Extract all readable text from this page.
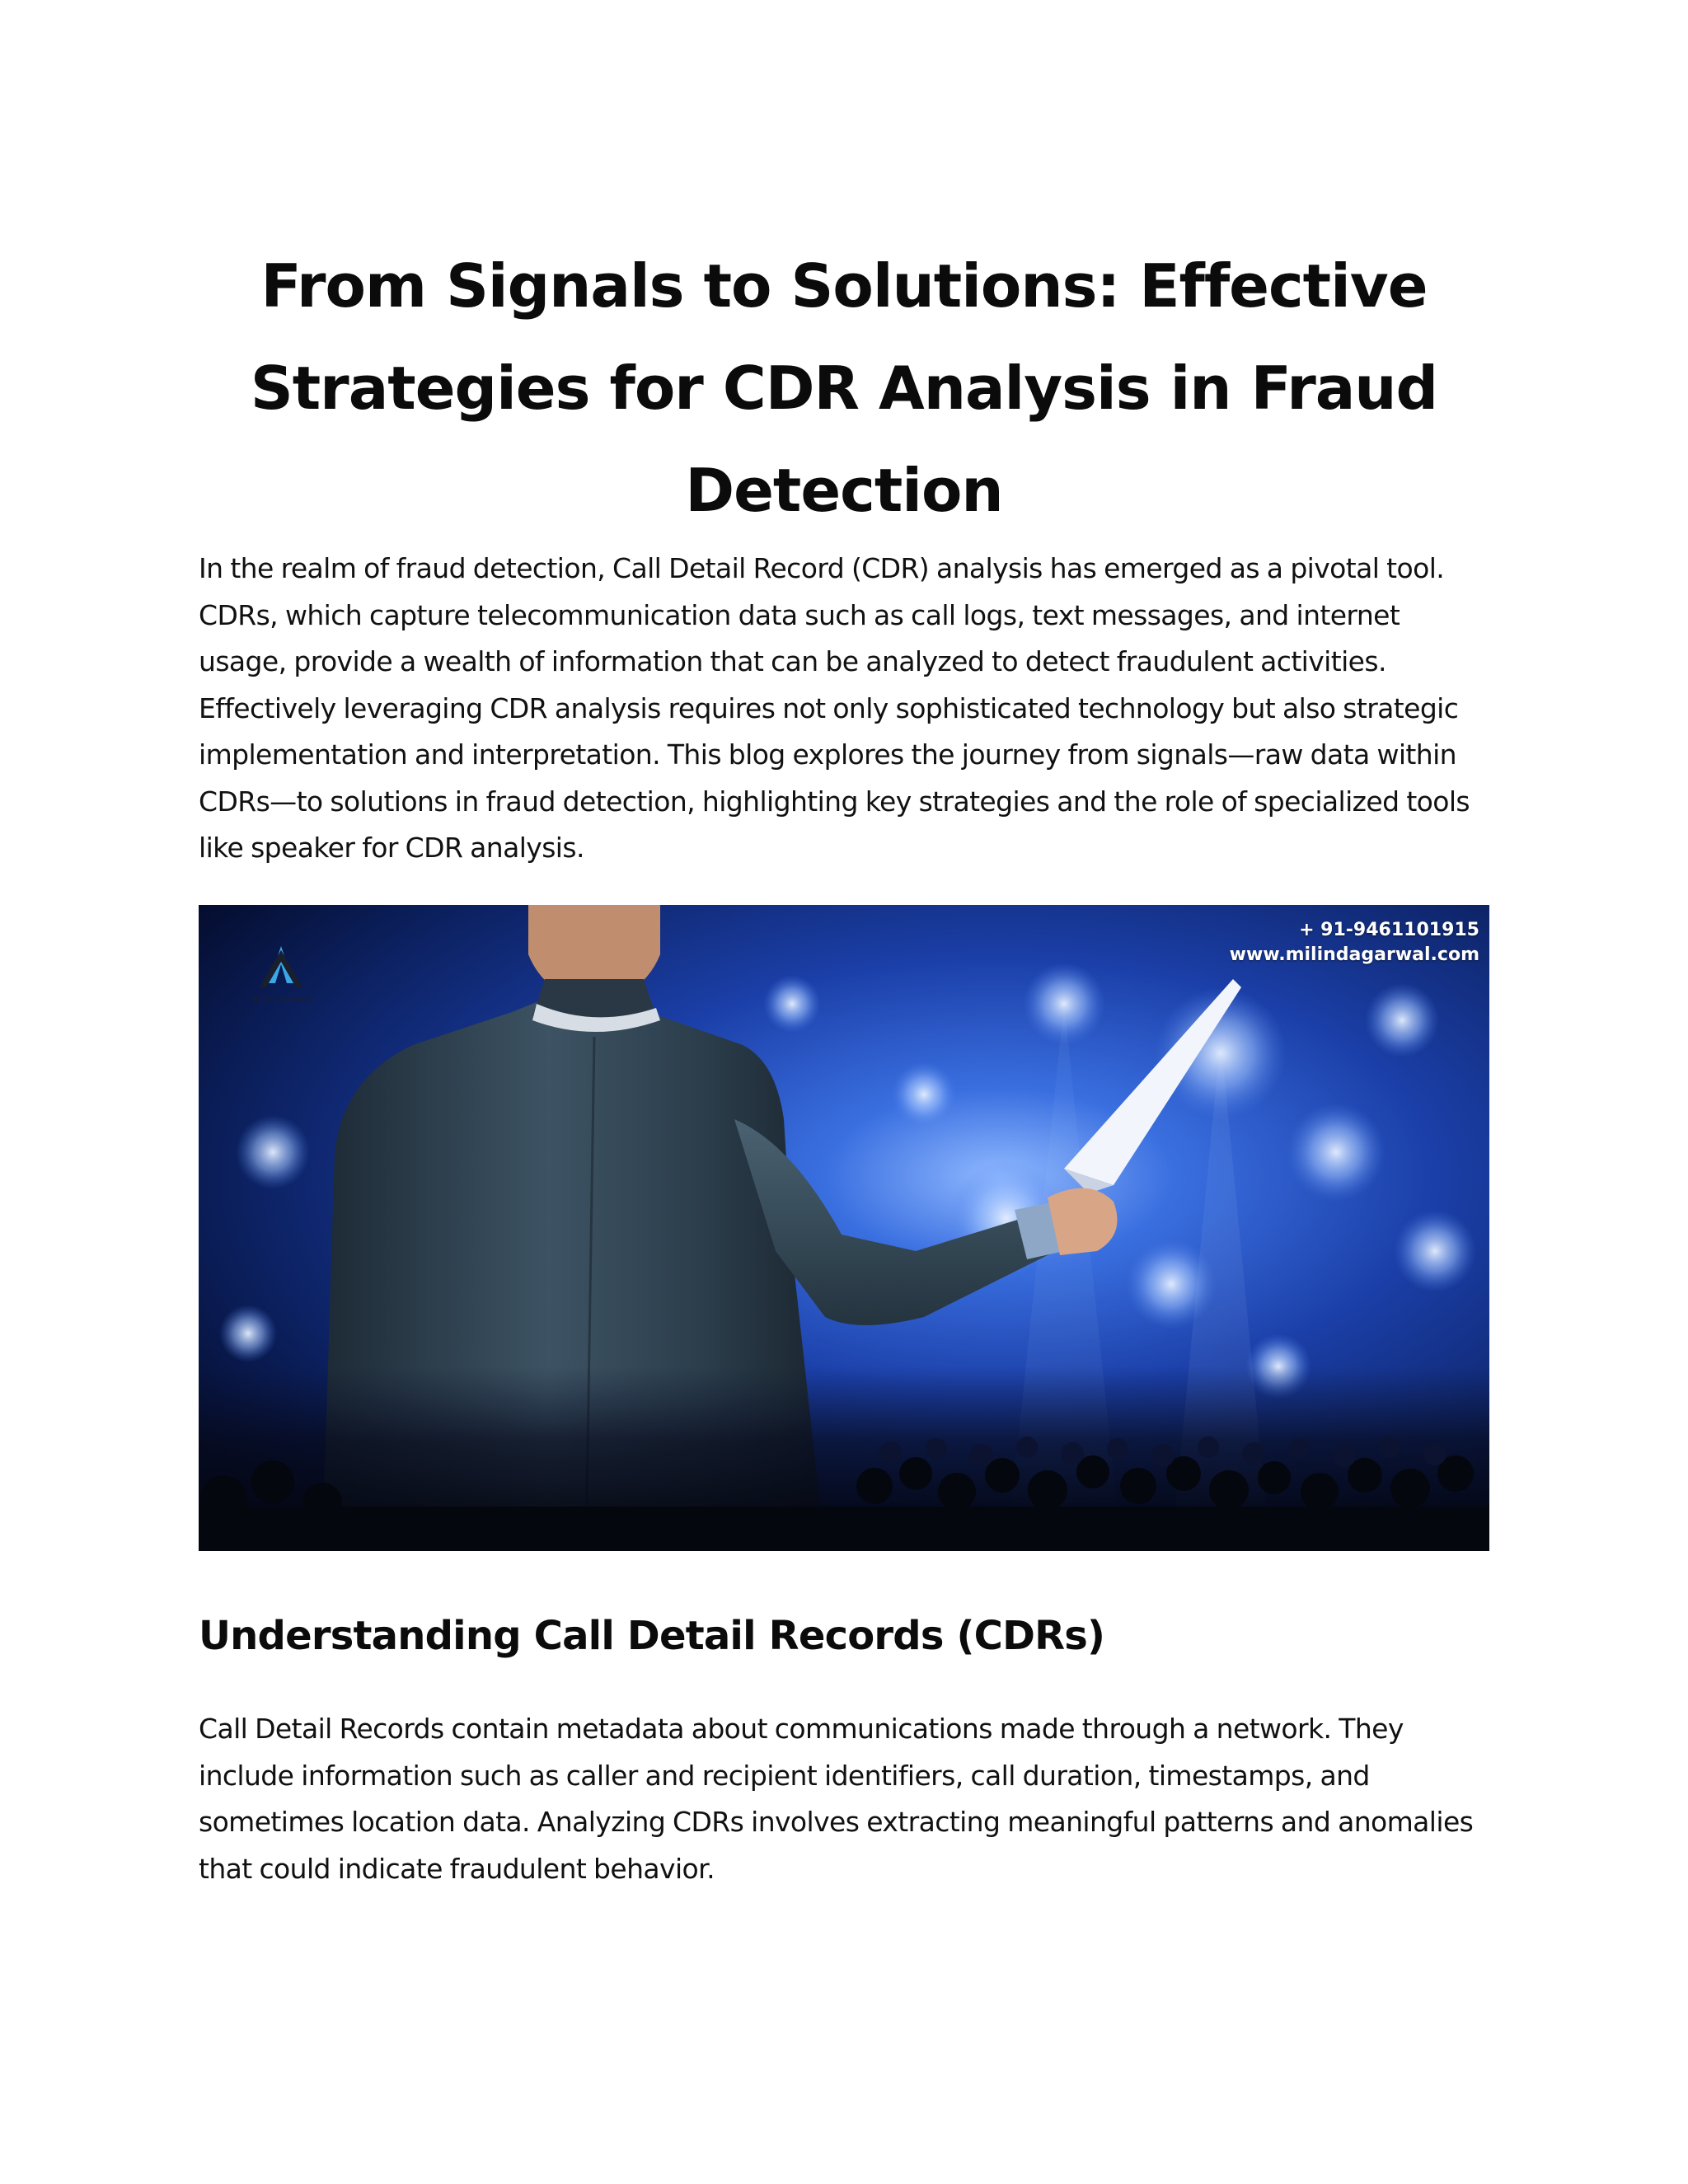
From Signals to Solutions: Effective Strategies for CDR Analysis in Fraud Detection

In the realm of fraud detection, Call Detail Record (CDR) analysis has emerged as a pivotal tool. CDRs, which capture telecommunication data such as call logs, text messages, and internet usage, provide a wealth of information that can be analyzed to detect fraudulent activities. Effectively leveraging CDR analysis requires not only sophisticated technology but also strategic implementation and interpretation. This blog explores the journey from signals—raw data within CDRs—to solutions in fraud detection, highlighting key strategies and the role of specialized tools like speaker for CDR analysis.

Milind Agarwal
+ 91-9461101915
www.milindagarwal.com
Understanding Call Detail Records (CDRs)

Call Detail Records contain metadata about communications made through a network. They include information such as caller and recipient identifiers, call duration, timestamps, and sometimes location data. Analyzing CDRs involves extracting meaningful patterns and anomalies that could indicate fraudulent behavior.
